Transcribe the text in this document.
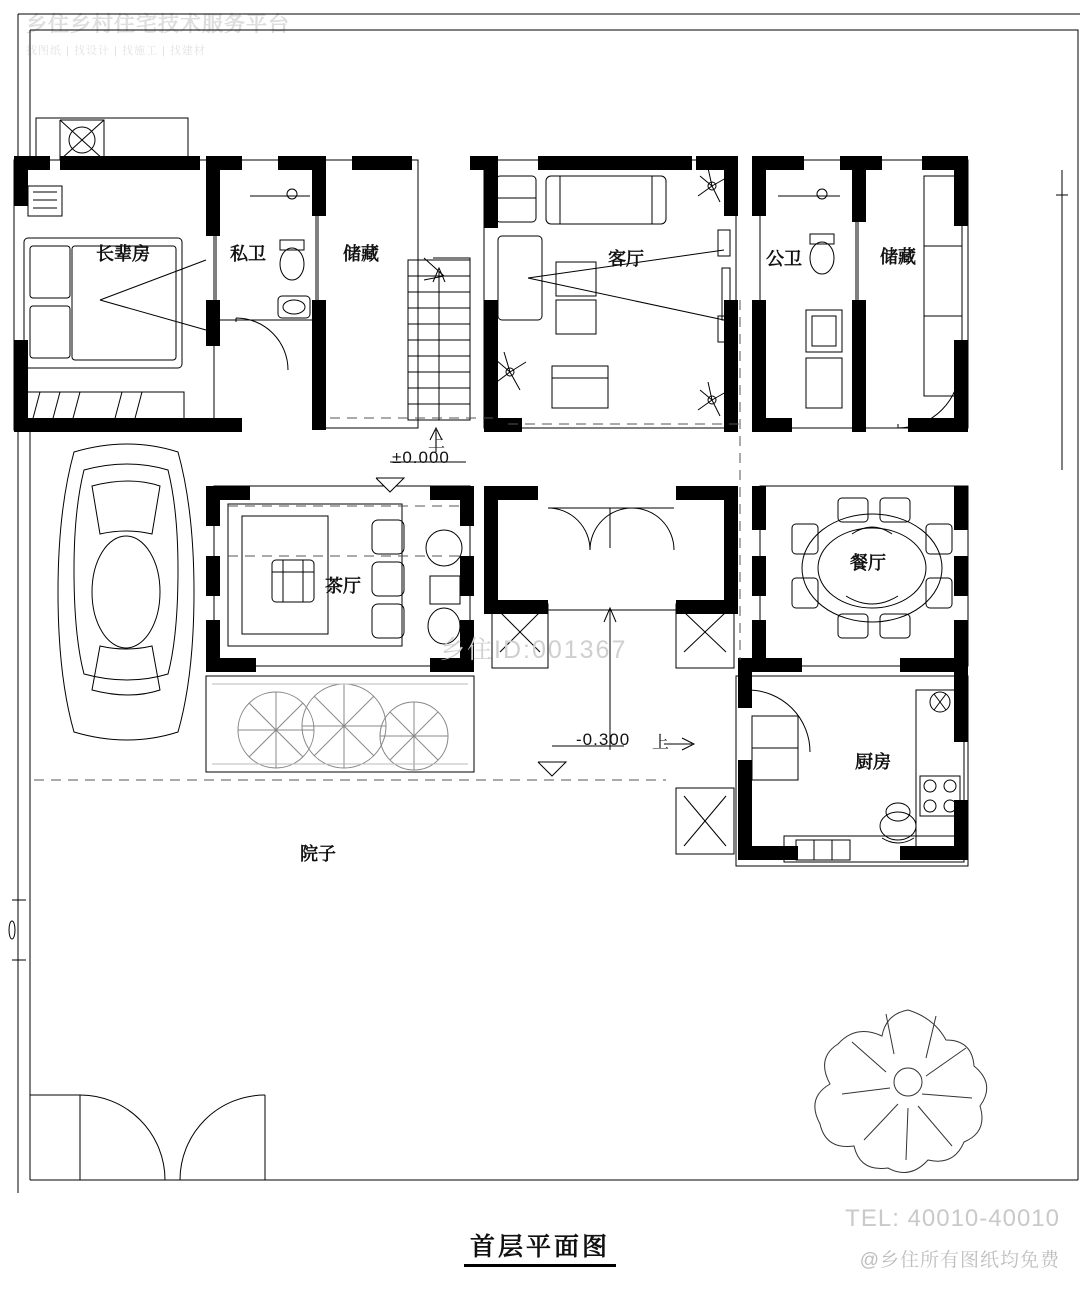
乡住乡村住宅技术服务平台
找图纸 | 找设计 | 找施工 | 找建材
长辈房	私卫	储藏	客厅	公卫	储藏
茶厅
餐厅
厨房
院子
上
±0.000
-0.300 上
乡住ID:001367
TEL: 40010-40010
@乡住所有图纸均免费
首层平面图
